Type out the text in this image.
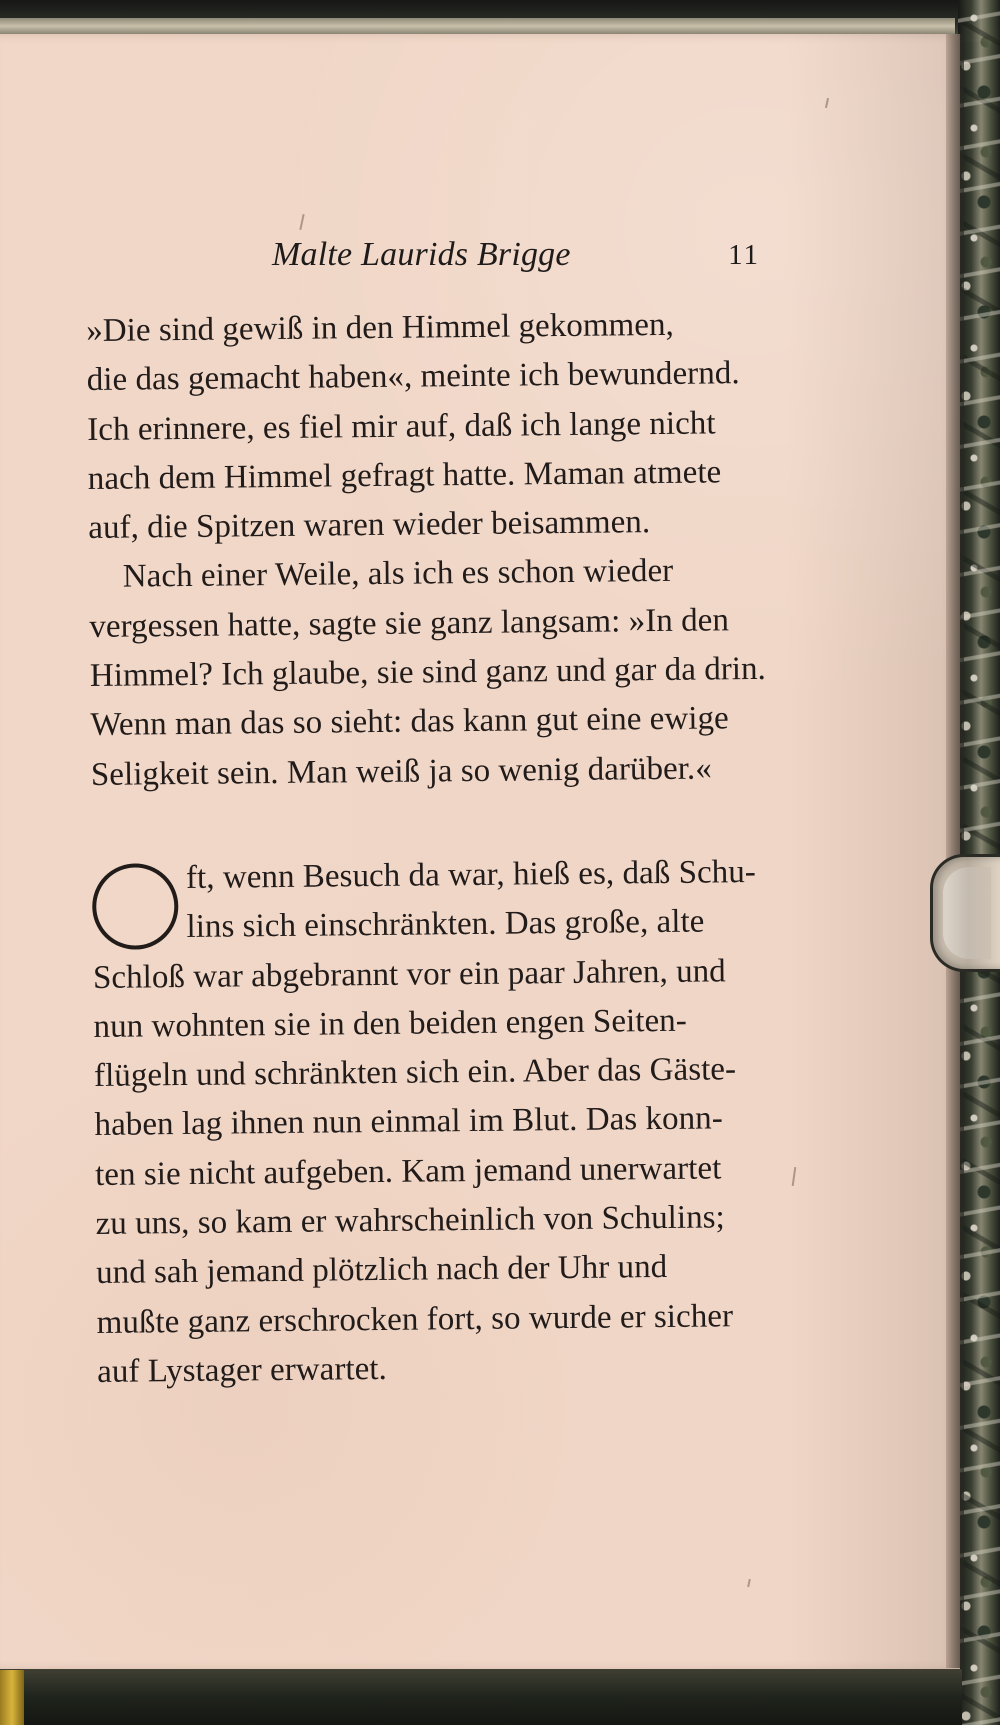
Malte Laurids Brigge	11

»Die sind gewiß in den Himmel gekommen,
die das gemacht haben«, meinte ich bewundernd.
Ich erinnere, es fiel mir auf, daß ich lange nicht
nach dem Himmel gefragt hatte. Maman atmete
auf, die Spitzen waren wieder beisammen.

Nach einer Weile, als ich es schon wieder
vergessen hatte, sagte sie ganz langsam: »In den
Himmel? Ich glaube, sie sind ganz und gar da drin.
Wenn man das so sieht: das kann gut eine ewige
Seligkeit sein. Man weiß ja so wenig darüber.«

ft, wenn Besuch da war, hieß es, daß Schu-
lins sich einschränkten. Das große, alte

Schloß war abgebrannt vor ein paar Jahren, und
nun wohnten sie in den beiden engen Seiten-
flügeln und schränkten sich ein. Aber das Gäste-
haben lag ihnen nun einmal im Blut. Das konn-
ten sie nicht aufgeben. Kam jemand unerwartet
zu uns, so kam er wahrscheinlich von Schulins;
und sah jemand plötzlich nach der Uhr und
mußte ganz erschrocken fort, so wurde er sicher
auf Lystager erwartet.
